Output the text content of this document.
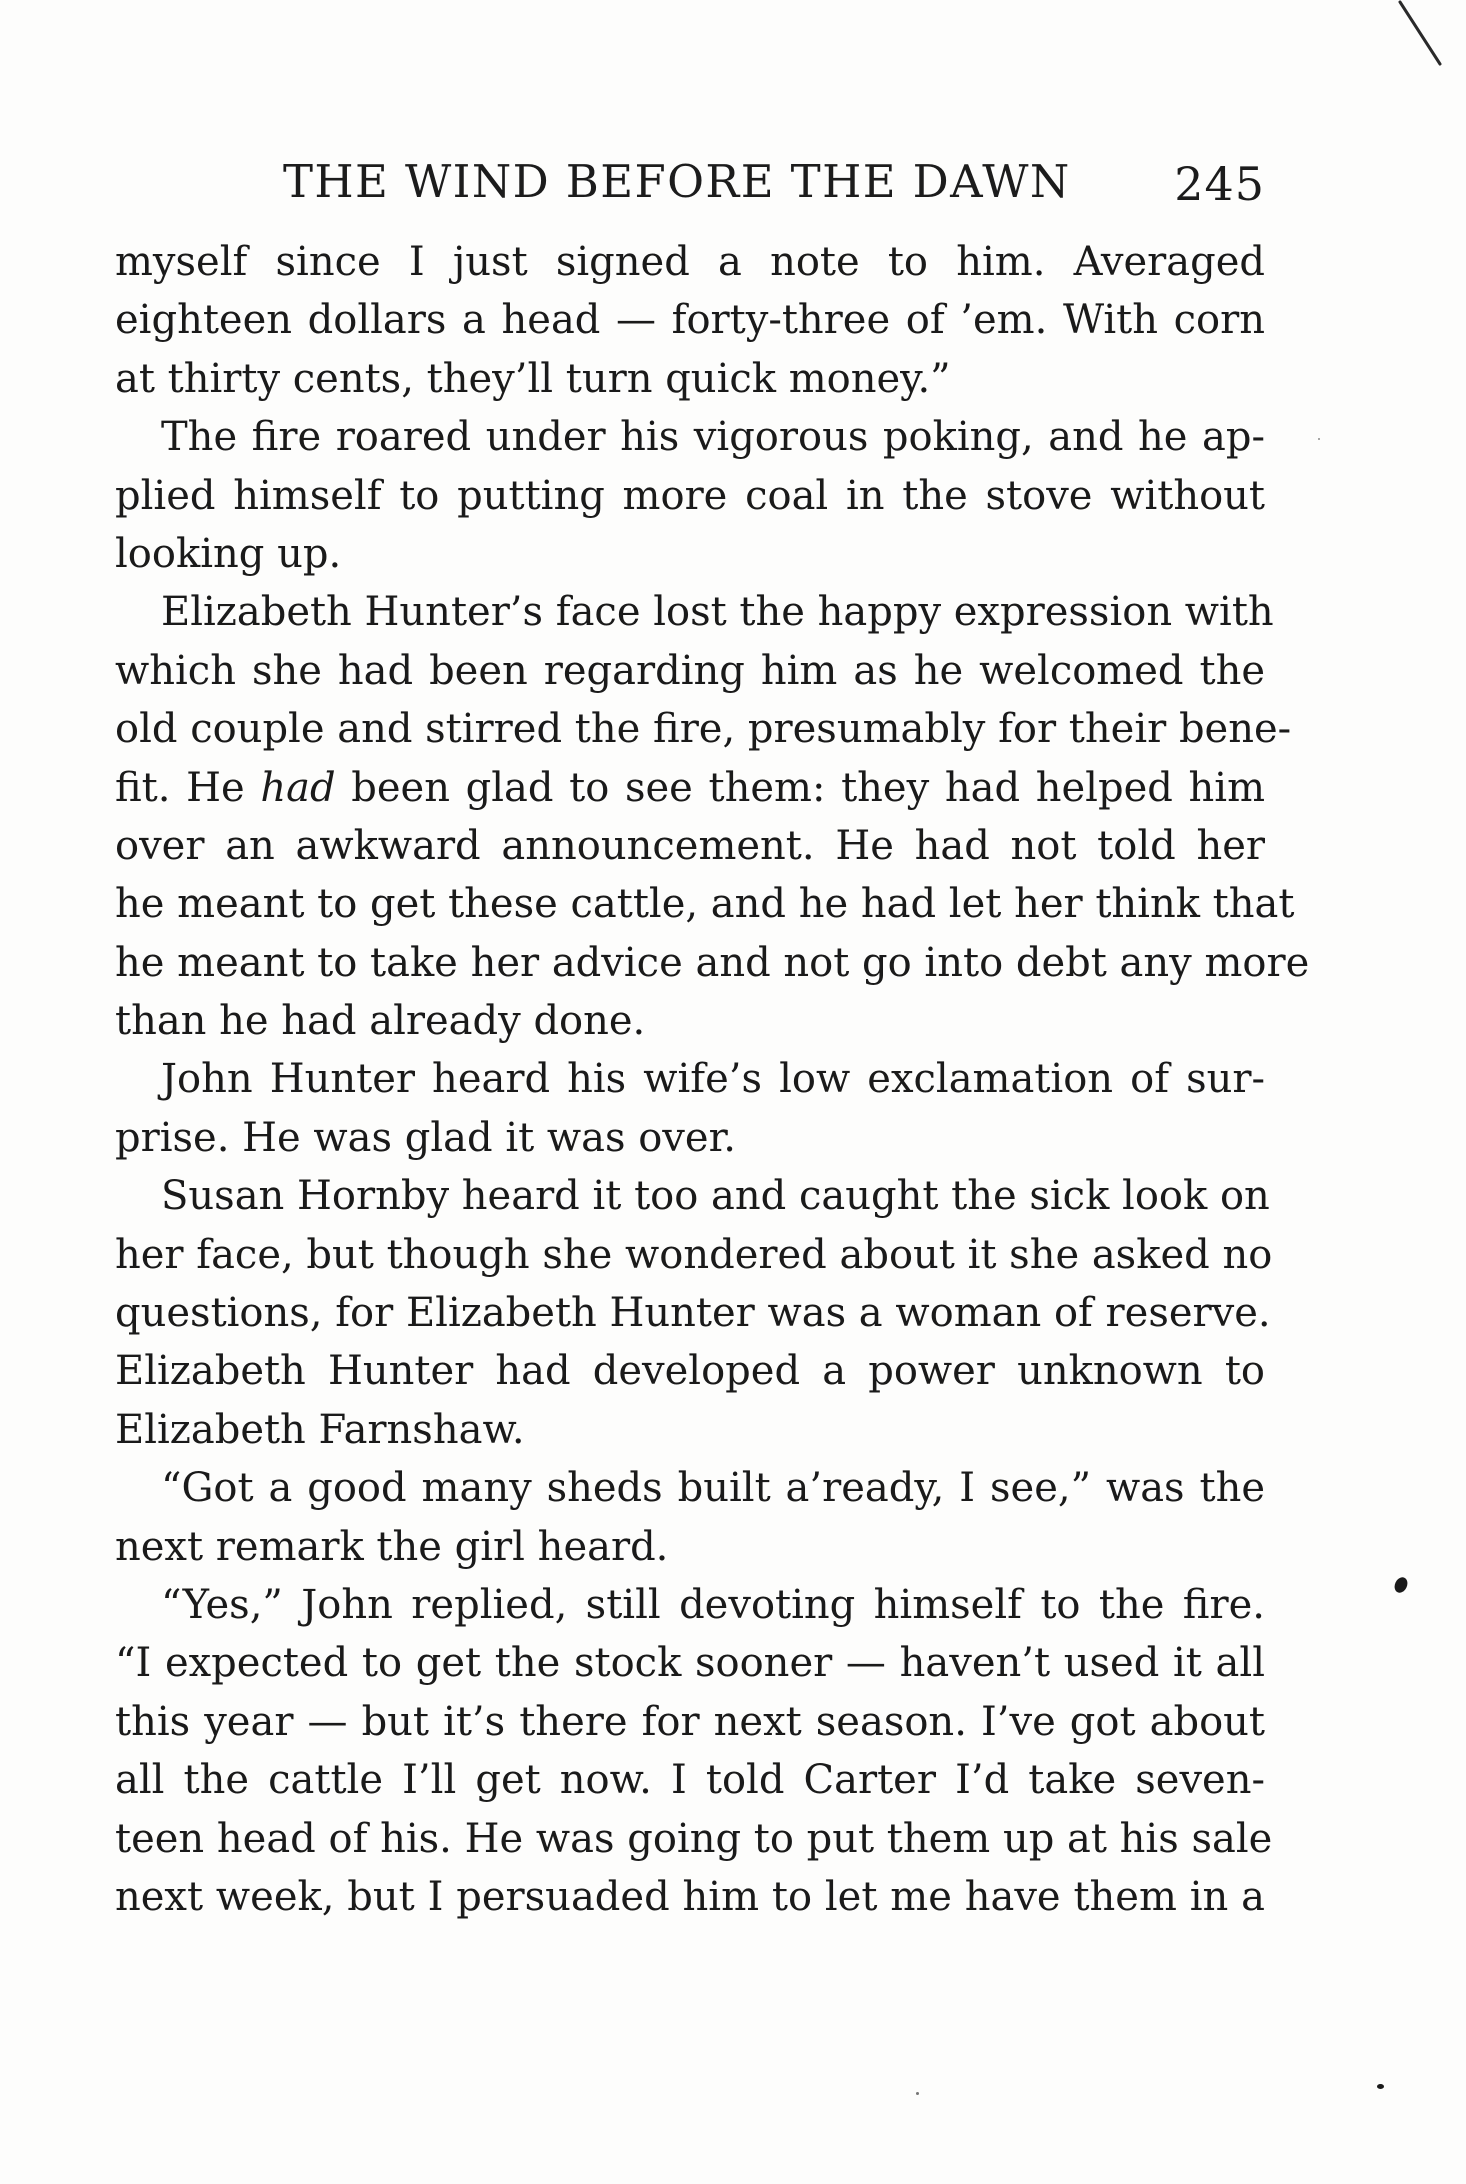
THE WIND BEFORE THE DAWN 245
myself since I just signed a note to him. Averaged
eighteen dollars a head — forty-three of ’em. With corn
at thirty cents, they’ll turn quick money.”
The fire roared under his vigorous poking, and he ap-
plied himself to putting more coal in the stove without
looking up.
Elizabeth Hunter’s face lost the happy expression with
which she had been regarding him as he welcomed the
old couple and stirred the fire, presumably for their bene-
fit. He had been glad to see them: they had helped him
over an awkward announcement. He had not told her
he meant to get these cattle, and he had let her think that
he meant to take her advice and not go into debt any more
than he had already done.
John Hunter heard his wife’s low exclamation of sur-
prise. He was glad it was over.
Susan Hornby heard it too and caught the sick look on
her face, but though she wondered about it she asked no
questions, for Elizabeth Hunter was a woman of reserve.
Elizabeth Hunter had developed a power unknown to
Elizabeth Farnshaw.
“Got a good many sheds built a’ready, I see,” was the
next remark the girl heard.
“Yes,” John replied, still devoting himself to the fire.
“I expected to get the stock sooner — haven’t used it all
this year — but it’s there for next season. I’ve got about
all the cattle I’ll get now. I told Carter I’d take seven-
teen head of his. He was going to put them up at his sale
next week, but I persuaded him to let me have them in a
